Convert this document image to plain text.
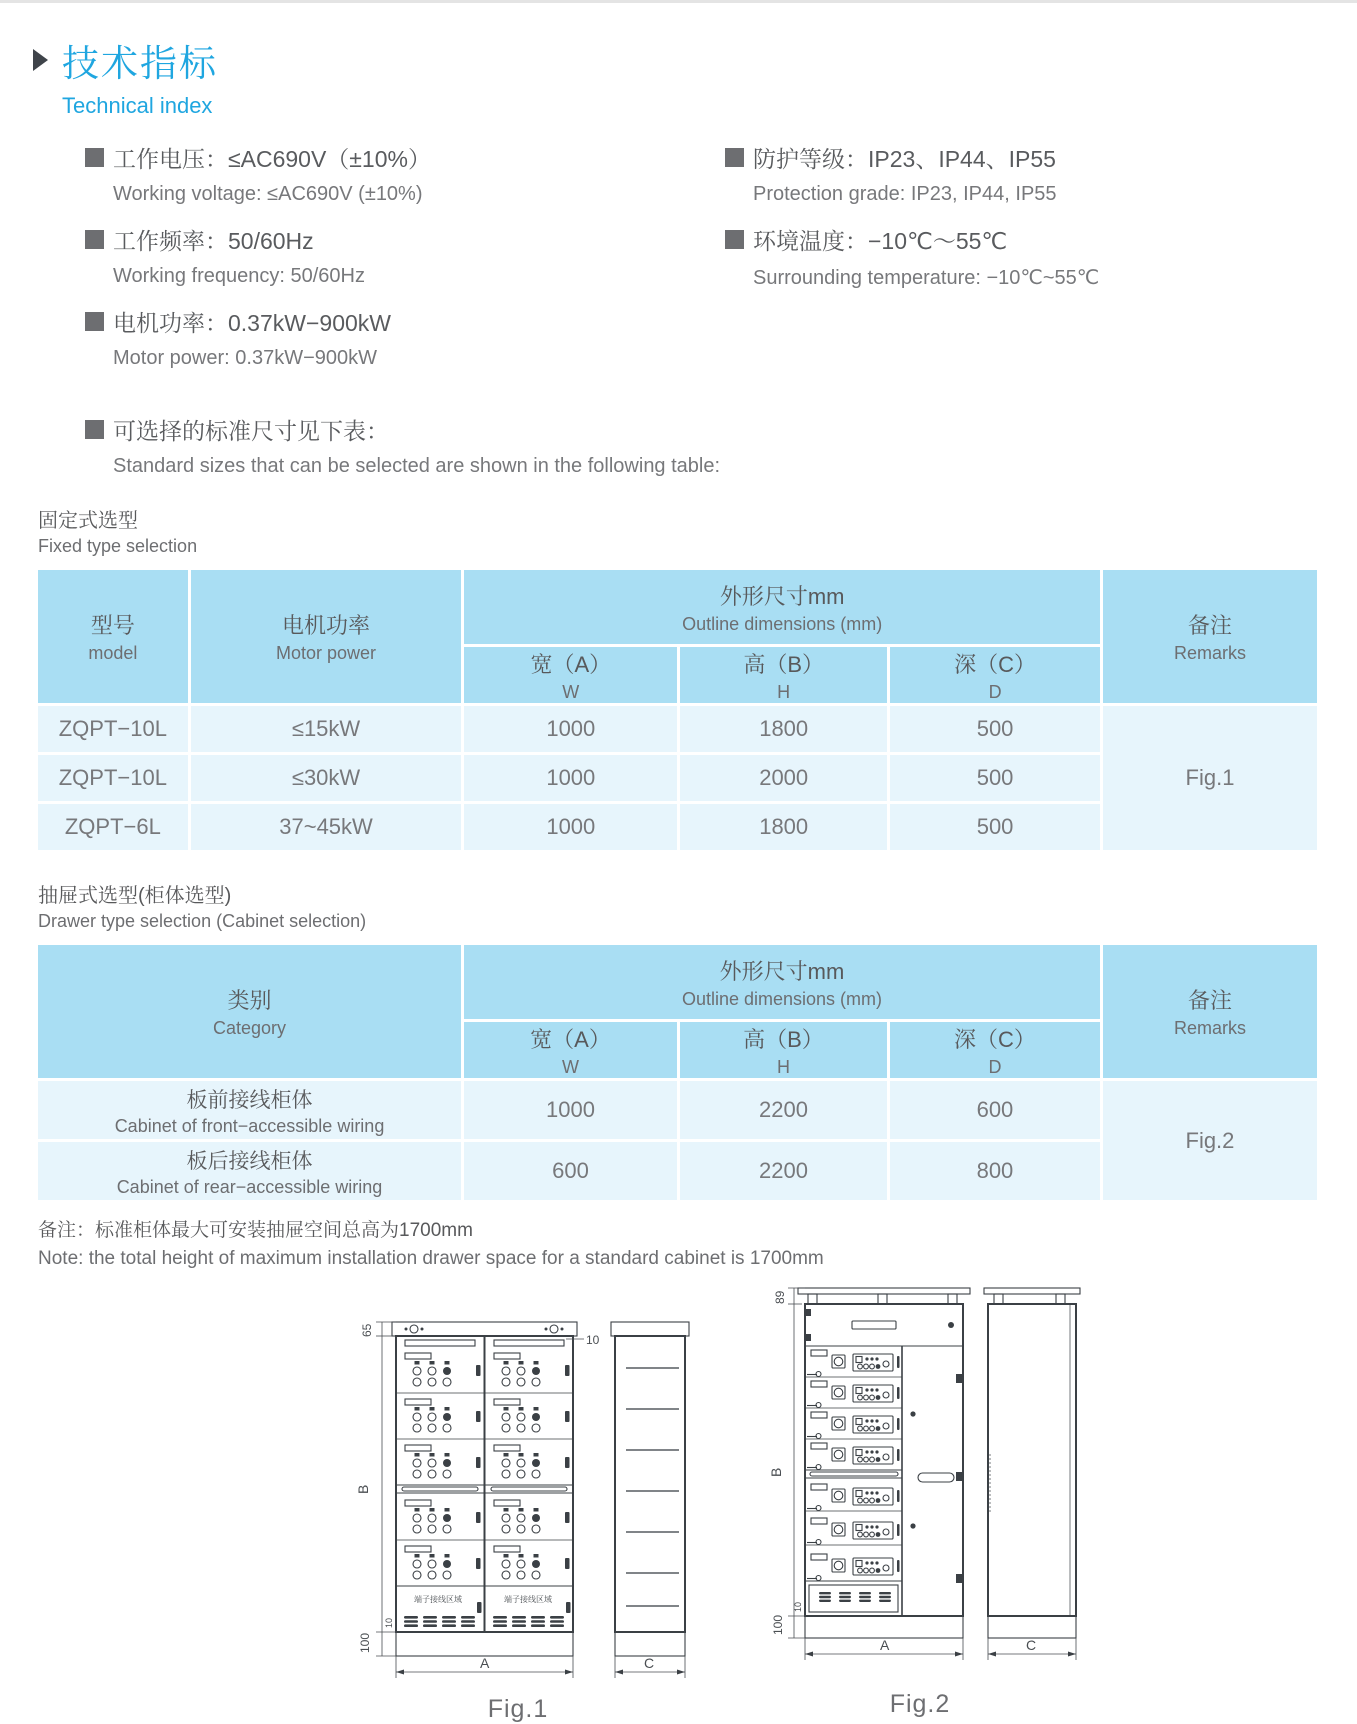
技术指标
Technical index
工作电压：≤AC690V（±10%）
Working voltage: ≤AC690V (±10%)
工作频率：50/60Hz
Working frequency: 50/60Hz
电机功率：0.37kW−900kW
Motor power: 0.37kW−900kW
防护等级：IP23、IP44、IP55
Protection grade: IP23, IP44, IP55
环境温度：−10℃～55℃
Surrounding temperature: −10℃~55℃
可选择的标准尺寸见下表：
Standard sizes that can be selected are shown in the following table:
固定式选型
Fixed type selection
型号
model	电机功率
Motor power	外形尺寸mm
Outline dimensions (mm)			备注
Remarks

		宽（A）
W	高（B）
H	深（C）
D	

ZQPT−10L	≤15kW	1000	1800	500	Fig.1
ZQPT−10L	≤30kW	1000	2000	500	
ZQPT−6L	37~45kW	1000	1800	500	
抽屉式选型(柜体选型)
Drawer type selection (Cabinet selection)
类别
Category	外形尺寸mm
Outline dimensions (mm)			备注
Remarks

	宽（A）
W	高（B）
H	深（C）
D	

板前接线柜体
Cabinet of front−accessible wiring	1000	2200	600	Fig.2

板后接线柜体
Cabinet of rear−accessible wiring	600	2200	800	
备注：标准柜体最大可安装抽屉空间总高为1700mm
Note: the total height of maximum installation drawer space for a standard cabinet is 1700mm
端子接线区域	端子接线区域
65
B
100
10
10
A	C
Fig.1
89
B
100
10
A	C
Fig.2
